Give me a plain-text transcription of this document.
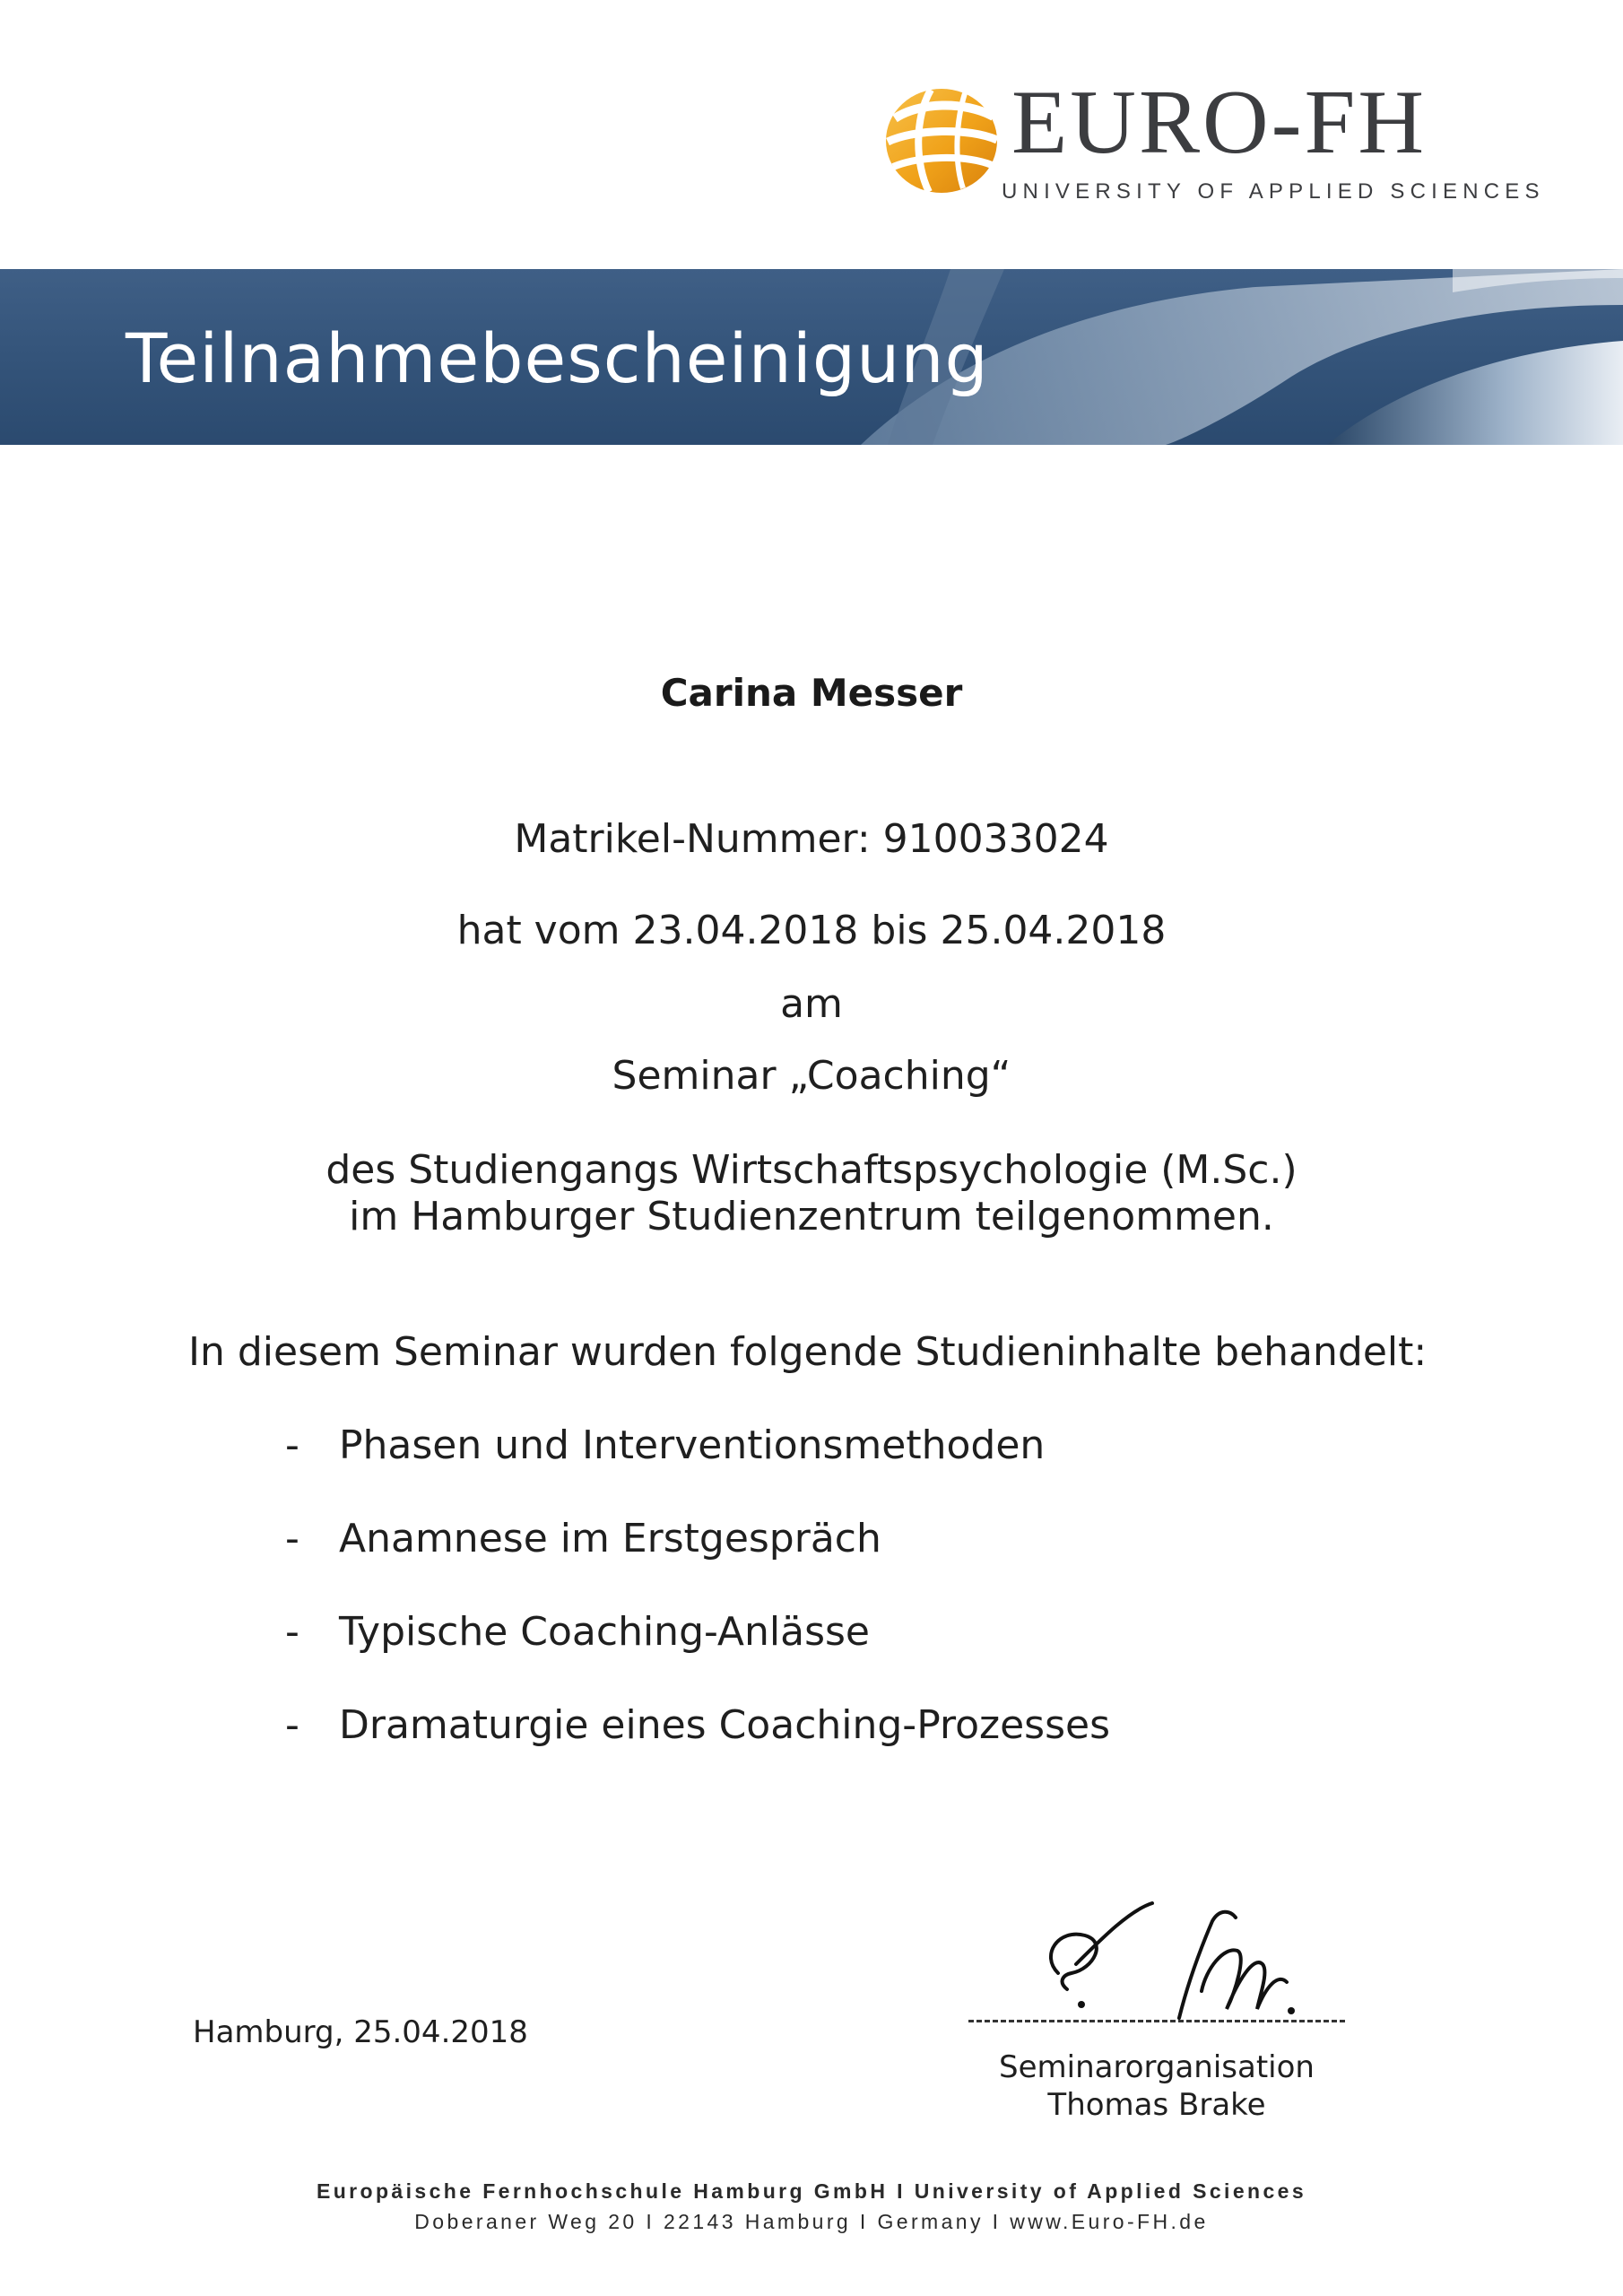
EURO-FH
UNIVERSITY OF APPLIED SCIENCES
Teilnahmebescheinigung
Carina Messer
Matrikel-Nummer: 910033024
hat vom 23.04.2018 bis 25.04.2018
am
Seminar „Coaching“
des Studiengangs Wirtschaftspsychologie (M.Sc.)
im Hamburger Studienzentrum teilgenommen.
In diesem Seminar wurden folgende Studieninhalte behandelt:
- Phasen und Interventionsmethoden
- Anamnese im Erstgespräch
- Typische Coaching-Anlässe
- Dramaturgie eines Coaching-Prozesses
Hamburg, 25.04.2018
Seminarorganisation
Thomas Brake
Europäische Fernhochschule Hamburg GmbH I University of Applied Sciences
Doberaner Weg 20 I 22143 Hamburg I Germany I www.Euro-FH.de
